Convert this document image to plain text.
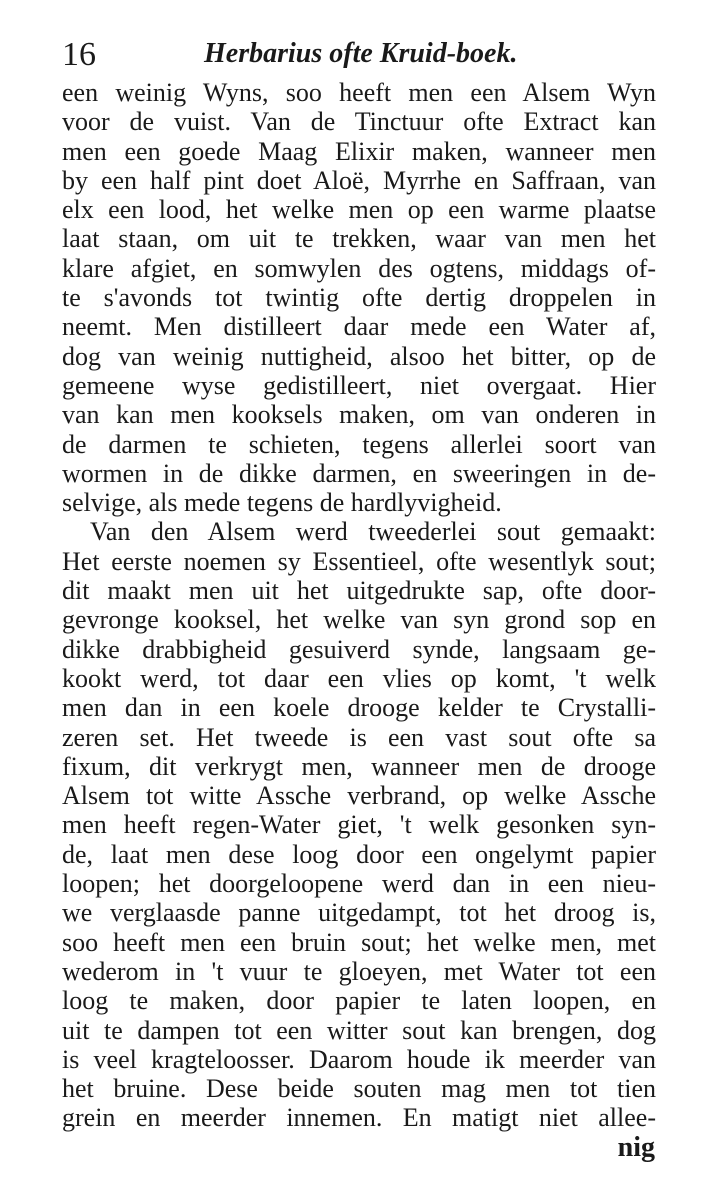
16	Herbarius ofte Kruid-boek.
een weinig Wyns, soo heeft men een Alsem Wyn
voor de vuist. Van de Tinctuur ofte Extract kan
men een goede Maag Elixir maken, wanneer men
by een half pint doet Aloë, Myrrhe en Saffraan, van
elx een lood, het welke men op een warme plaatse
laat staan, om uit te trekken, waar van men het
klare afgiet, en somwylen des ogtens, middags of-
te s'avonds tot twintig ofte dertig droppelen in
neemt. Men distilleert daar mede een Water af,
dog van weinig nuttigheid, alsoo het bitter, op de
gemeene wyse gedistilleert, niet overgaat. Hier
van kan men kooksels maken, om van onderen in
de darmen te schieten, tegens allerlei soort van
wormen in de dikke darmen, en sweeringen in de-
selvige, als mede tegens de hardlyvigheid.
Van den Alsem werd tweederlei sout gemaakt:
Het eerste noemen sy Essentieel, ofte wesentlyk sout;
dit maakt men uit het uitgedrukte sap, ofte door-
gevronge kooksel, het welke van syn grond sop en
dikke drabbigheid gesuiverd synde, langsaam ge-
kookt werd, tot daar een vlies op komt, 't welk
men dan in een koele drooge kelder te Crystalli-
zeren set. Het tweede is een vast sout ofte sa
fixum, dit verkrygt men, wanneer men de drooge
Alsem tot witte Assche verbrand, op welke Assche
men heeft regen-Water giet, 't welk gesonken syn-
de, laat men dese loog door een ongelymt papier
loopen; het doorgeloopene werd dan in een nieu-
we verglaasde panne uitgedampt, tot het droog is,
soo heeft men een bruin sout; het welke men, met
wederom in 't vuur te gloeyen, met Water tot een
loog te maken, door papier te laten loopen, en
uit te dampen tot een witter sout kan brengen, dog
is veel kragteloosser. Daarom houde ik meerder van
het bruine. Dese beide souten mag men tot tien
grein en meerder innemen. En matigt niet allee-
nig
